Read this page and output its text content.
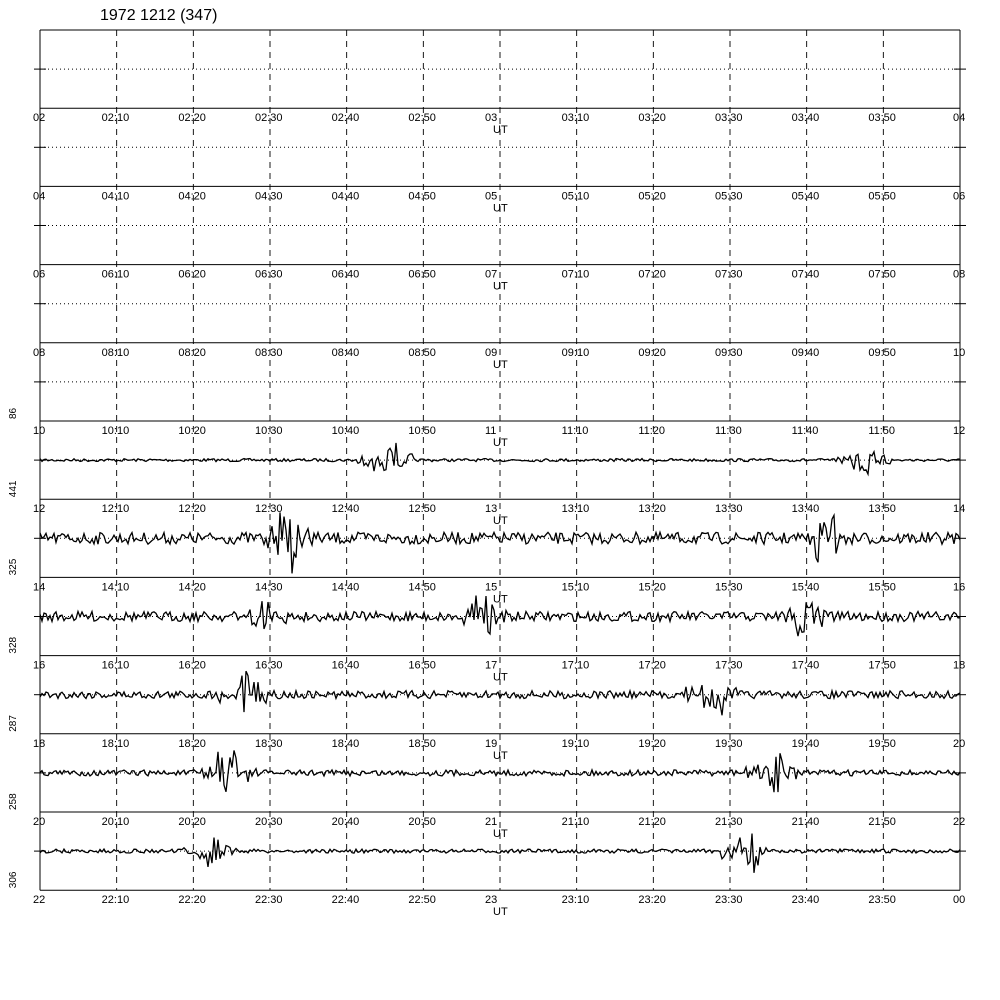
1972 1212 (347)
02	02:10	02:20	02:30	02:40	02:50	03	03:10	03:20	03:30	03:40	03:50	04
UT
04	04:10	04:20	04:30	04:40	04:50	05	05:10	05:20	05:30	05:40	05:50	06
UT
06	06:10	06:20	06:30	06:40	06:50	07	07:10	07:20	07:30	07:40	07:50	08
UT
08	08:10	08:20	08:30	08:40	08:50	09	09:10	09:20	09:30	09:40	09:50	10
UT
10	10:10	10:20	10:30	10:40	10:50	11	11:10	11:20	11:30	11:40	11:50	12
UT
86
12	12:10	12:20	12:30	12:40	12:50	13	13:10	13:20	13:30	13:40	13:50	14
UT
441
14	14:10	14:20	14:30	14:40	14:50	15	15:10	15:20	15:30	15:40	15:50	16
UT
325
16	16:10	16:20	16:30	16:40	16:50	17	17:10	17:20	17:30	17:40	17:50	18
UT
328
18	18:10	18:20	18:30	18:40	18:50	19	19:10	19:20	19:30	19:40	19:50	20
UT
287
20	20:10	20:20	20:30	20:40	20:50	21	21:10	21:20	21:30	21:40	21:50	22
UT
258
22	22:10	22:20	22:30	22:40	22:50	23	23:10	23:20	23:30	23:40	23:50	00
UT
306
